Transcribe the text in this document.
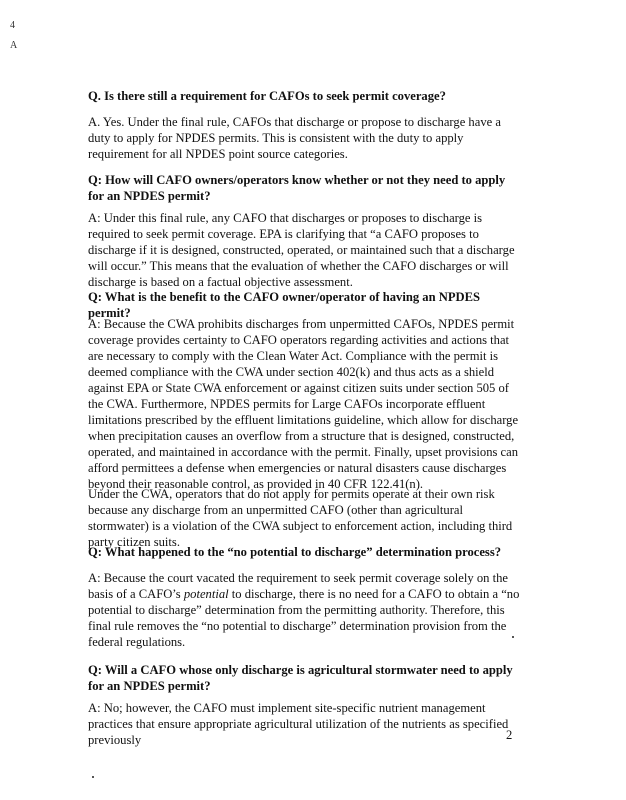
4
A

Q. Is there still a requirement for CAFOs to seek permit coverage?

A. Yes. Under the final rule, CAFOs that discharge or propose to discharge have a duty to apply for NPDES permits. This is consistent with the duty to apply requirement for all NPDES point source categories.

Q: How will CAFO owners/operators know whether or not they need to apply for an NPDES permit?

A: Under this final rule, any CAFO that discharges or proposes to discharge is required to seek permit coverage. EPA is clarifying that “a CAFO proposes to discharge if it is designed, constructed, operated, or maintained such that a discharge will occur.” This means that the evaluation of whether the CAFO discharges or will discharge is based on a factual objective assessment.

Q: What is the benefit to the CAFO owner/operator of having an NPDES permit?

A: Because the CWA prohibits discharges from unpermitted CAFOs, NPDES permit coverage provides certainty to CAFO operators regarding activities and actions that are necessary to comply with the Clean Water Act. Compliance with the permit is deemed compliance with the CWA under section 402(k) and thus acts as a shield against EPA or State CWA enforcement or against citizen suits under section 505 of the CWA. Furthermore, NPDES permits for Large CAFOs incorporate effluent limitations prescribed by the effluent limitations guideline, which allow for discharge when precipitation causes an overflow from a structure that is designed, constructed, operated, and maintained in accordance with the permit. Finally, upset provisions can afford permittees a defense when emergencies or natural disasters cause discharges beyond their reasonable control, as provided in 40 CFR 122.41(n).

Under the CWA, operators that do not apply for permits operate at their own risk because any discharge from an unpermitted CAFO (other than agricultural stormwater) is a violation of the CWA subject to enforcement action, including third party citizen suits.

Q: What happened to the “no potential to discharge” determination process?

A: Because the court vacated the requirement to seek permit coverage solely on the basis of a CAFO’s potential to discharge, there is no need for a CAFO to obtain a “no potential to discharge” determination from the permitting authority. Therefore, this final rule removes the “no potential to discharge” determination provision from the federal regulations.

Q: Will a CAFO whose only discharge is agricultural stormwater need to apply for an NPDES permit?

A: No; however, the CAFO must implement site-specific nutrient management practices that ensure appropriate agricultural utilization of the nutrients as specified previously	2
